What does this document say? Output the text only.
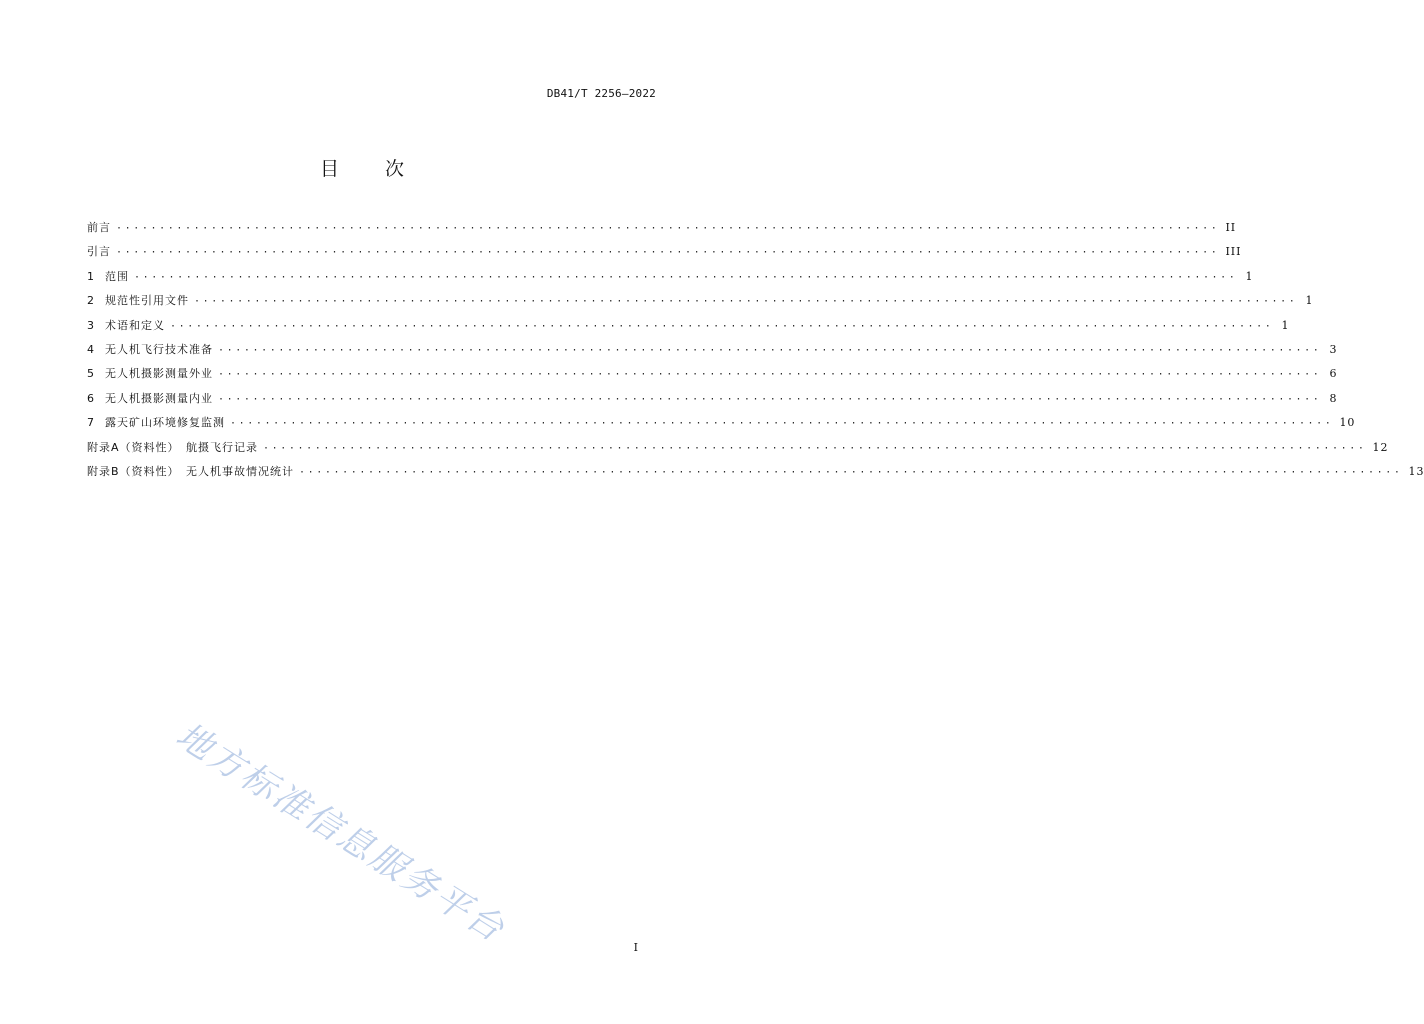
DB41/T 2256—2022
目 次
前言 ································································································································ II
引言 ································································································································ III
1	范围 ································································································································ 1
2	规范性引用文件 ································································································································ 1
3	术语和定义 ································································································································ 1
4	无人机飞行技术准备 ································································································································ 3
5	无人机摄影测量外业 ································································································································ 6
6	无人机摄影测量内业 ································································································································ 8
7	露天矿山环境修复监测 ································································································································ 10
附录A（资料性）　航摄飞行记录 ································································································································ 12
附录B（资料性）　无人机事故情况统计 ································································································································ 13
地方标准信息服务平台	I
